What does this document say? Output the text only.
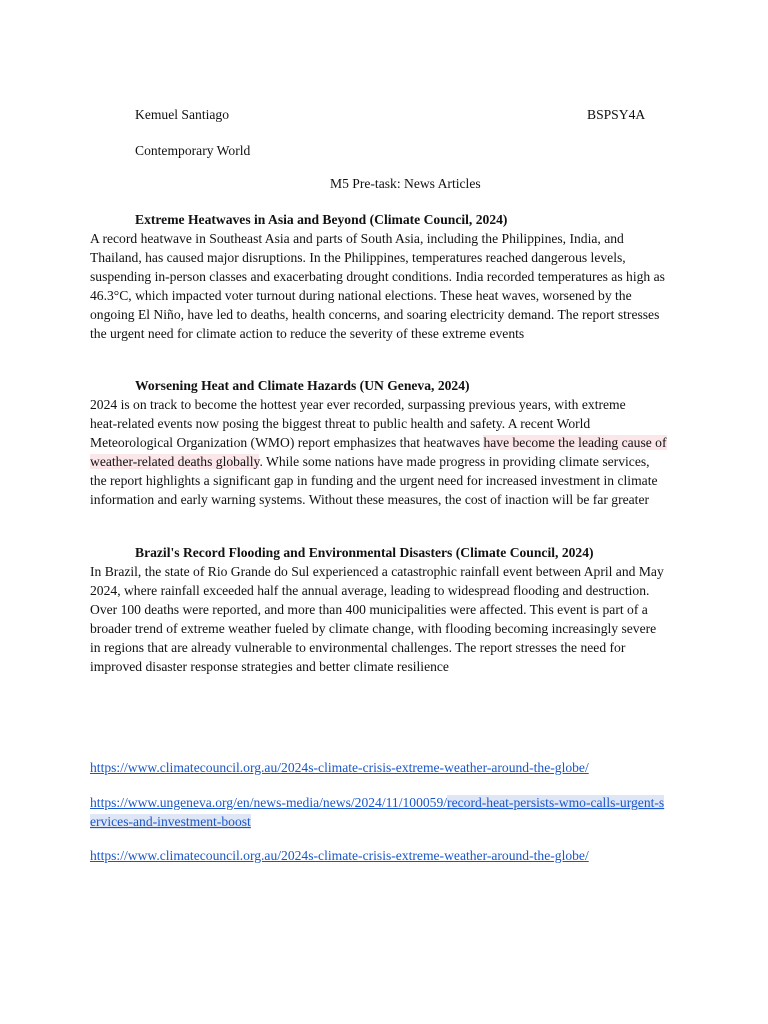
Kemuel Santiago	BSPSY4A
Contemporary World
M5 Pre-task: News Articles
Extreme Heatwaves in Asia and Beyond (Climate Council, 2024)
A record heatwave in Southeast Asia and parts of South Asia, including the Philippines, India, and
Thailand, has caused major disruptions. In the Philippines, temperatures reached dangerous levels,
suspending in-person classes and exacerbating drought conditions. India recorded temperatures as high as
46.3°C, which impacted voter turnout during national elections. These heat waves, worsened by the
ongoing El Niño, have led to deaths, health concerns, and soaring electricity demand. The report stresses
the urgent need for climate action to reduce the severity of these extreme events
Worsening Heat and Climate Hazards (UN Geneva, 2024)
2024 is on track to become the hottest year ever recorded, surpassing previous years, with extreme
heat-related events now posing the biggest threat to public health and safety. A recent World
Meteorological Organization (WMO) report emphasizes that heatwaves have become the leading cause of
weather-related deaths globally. While some nations have made progress in providing climate services,
the report highlights a significant gap in funding and the urgent need for increased investment in climate
information and early warning systems. Without these measures, the cost of inaction will be far greater
Brazil's Record Flooding and Environmental Disasters (Climate Council, 2024)
In Brazil, the state of Rio Grande do Sul experienced a catastrophic rainfall event between April and May
2024, where rainfall exceeded half the annual average, leading to widespread flooding and destruction.
Over 100 deaths were reported, and more than 400 municipalities were affected. This event is part of a
broader trend of extreme weather fueled by climate change, with flooding becoming increasingly severe
in regions that are already vulnerable to environmental challenges. The report stresses the need for
improved disaster response strategies and better climate resilience
https://www.climatecouncil.org.au/2024s-climate-crisis-extreme-weather-around-the-globe/
https://www.ungeneva.org/en/news-media/news/2024/11/100059/record-heat-persists-wmo-calls-urgent-s
ervices-and-investment-boost
https://www.climatecouncil.org.au/2024s-climate-crisis-extreme-weather-around-the-globe/
